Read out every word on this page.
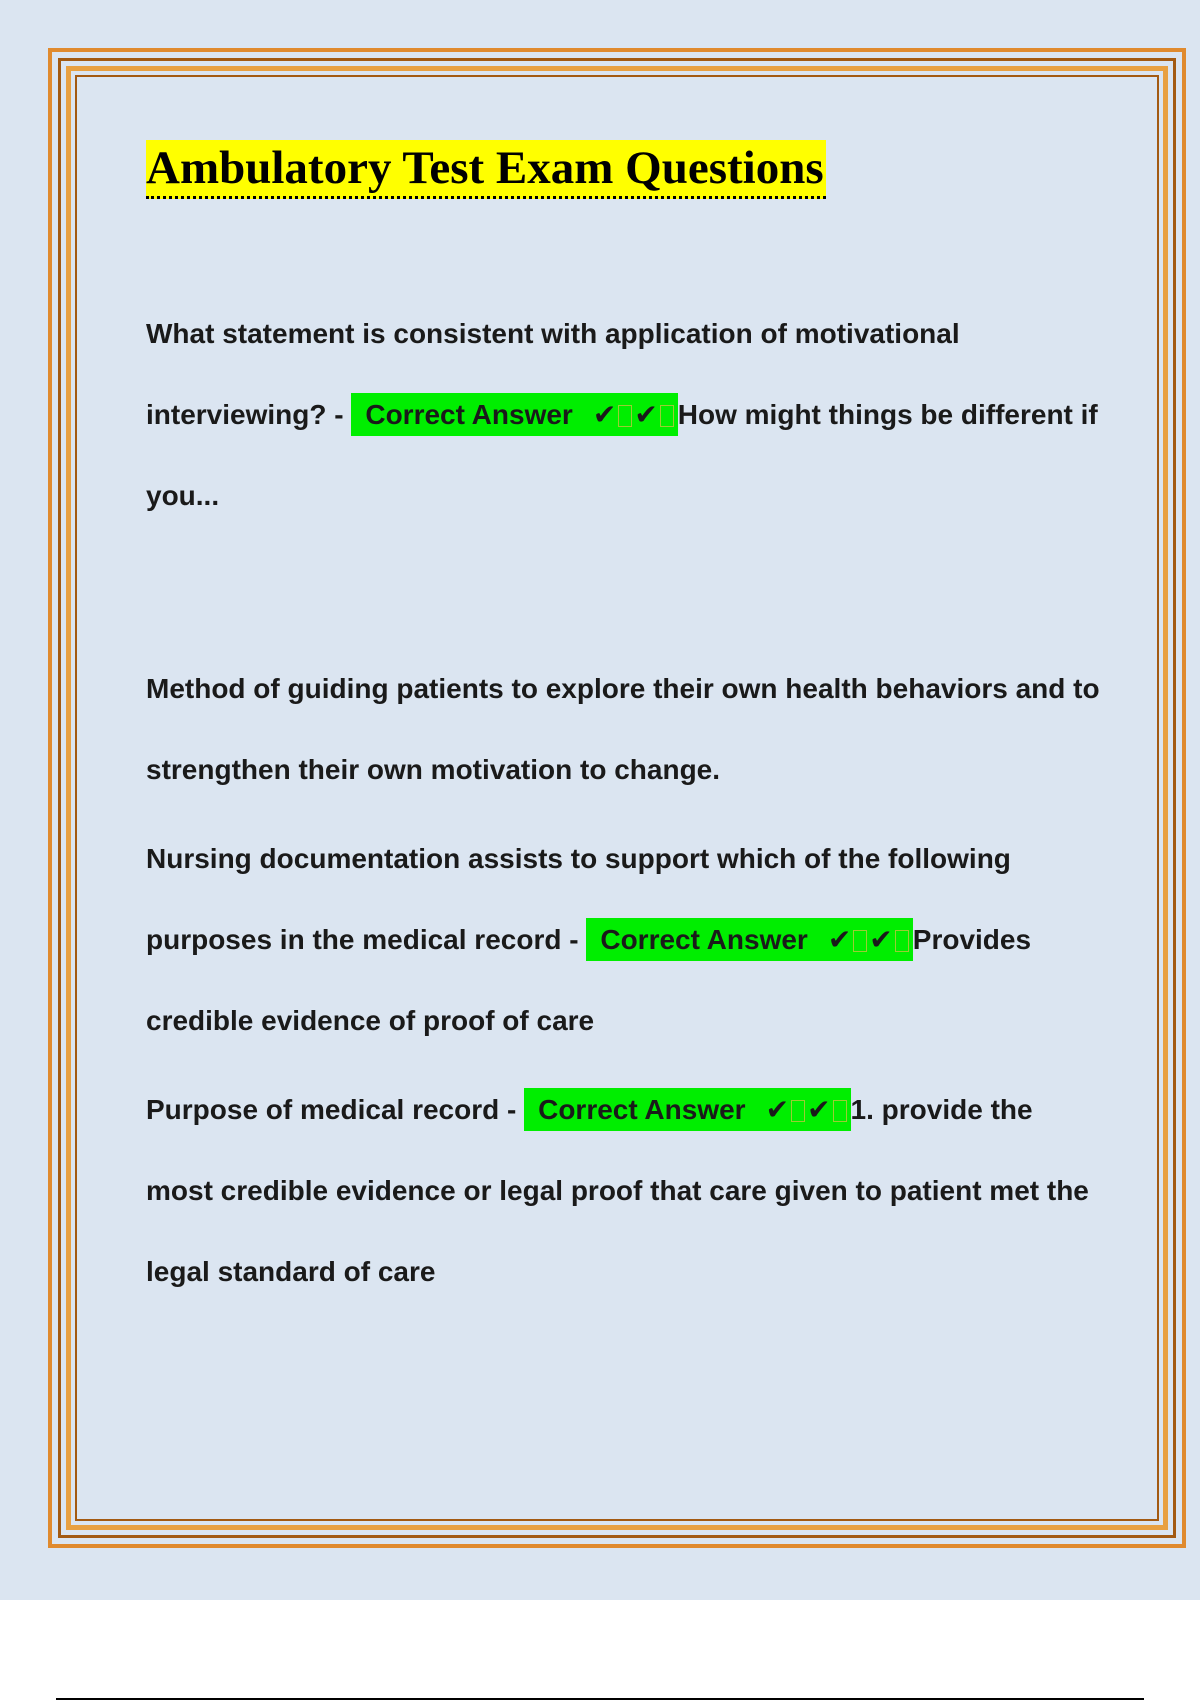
Ambulatory Test Exam Questions

What statement is consistent with application of motivational interviewing? - Correct Answer ✔ ✔ How might things be different if you...

Method of guiding patients to explore their own health behaviors and to strengthen their own motivation to change.

Nursing documentation assists to support which of the following purposes in the medical record - Correct Answer ✔ ✔ Provides credible evidence of proof of care

Purpose of medical record - Correct Answer ✔ ✔ 1. provide the most credible evidence or legal proof that care given to patient met the legal standard of care
